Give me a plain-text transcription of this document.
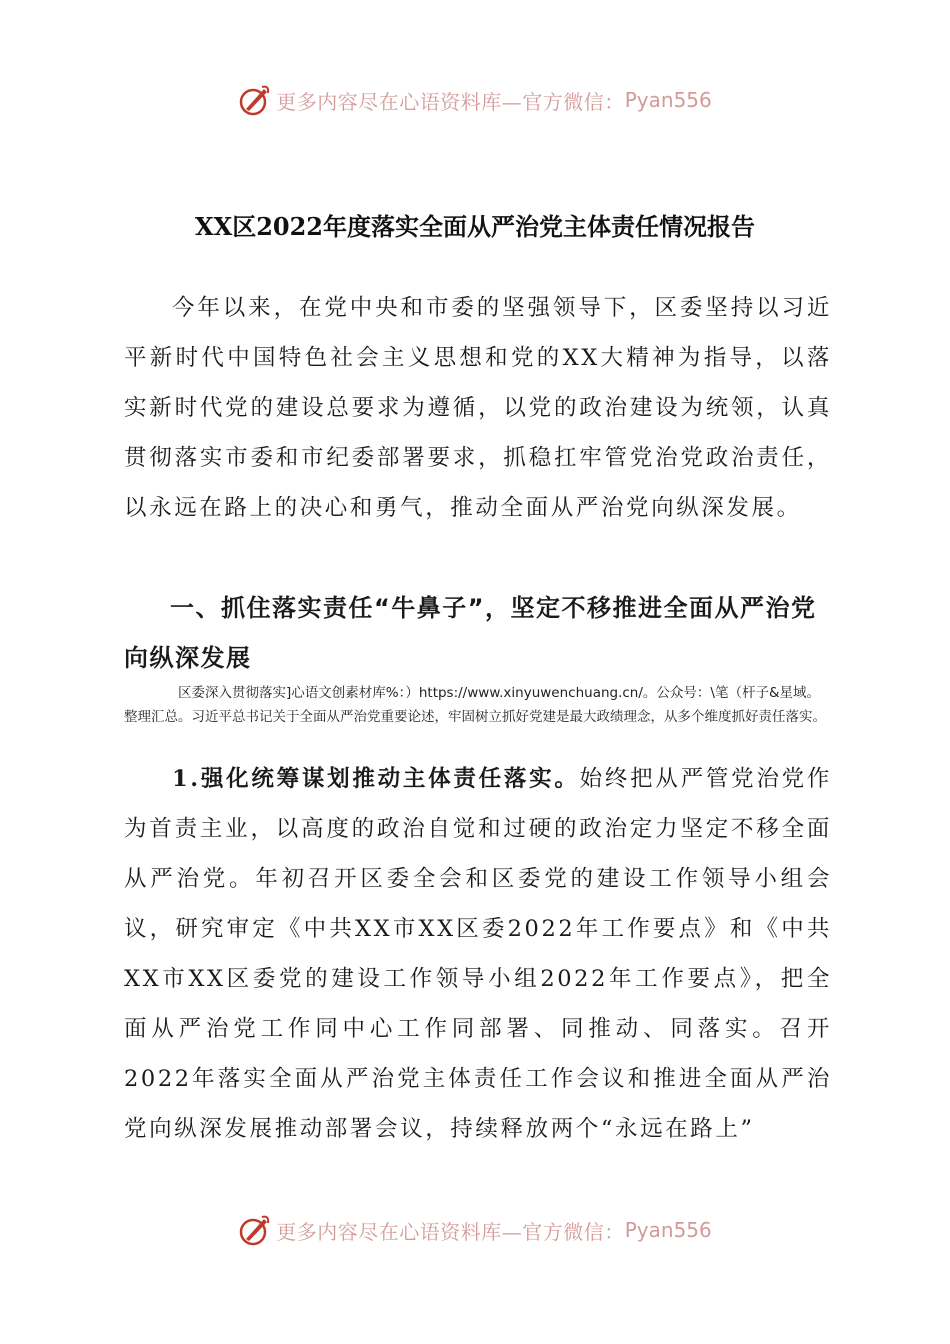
更多内容尽在心语资料库—官方微信： Pyan556
XX区2022年度落实全面从严治党主体责任情况报告

今年以来，在党中央和市委的坚强领导下，区委坚持以习近平新时代中国特色社会主义思想和党的XX大精神为指导，以落实新时代党的建设总要求为遵循，以党的政治建设为统领，认真贯彻落实市委和市纪委部署要求，抓稳扛牢管党治党政治责任，以永远在路上的决心和勇气，推动全面从严治党向纵深发展。

一、抓住落实责任“牛鼻子”，坚定不移推进全面从严治党向纵深发展

区委深入贯彻落实]心语文创素材库%：）https://www.xinyuwenchuang.cn/。公众号：\笔（杆子&星域。整理汇总。习近平总书记关于全面从严治党重要论述，牢固树立抓好党建是最大政绩理念，从多个维度抓好责任落实。

1.强化统筹谋划推动主体责任落实。始终把从严管党治党作为首责主业，以高度的政治自觉和过硬的政治定力坚定不移全面从严治党。年初召开区委全会和区委党的建设工作领导小组会议，研究审定《中共XX市XX区委2022年工作要点》和《中共XX市XX区委党的建设工作领导小组2022年工作要点》，把全面从严治党工作同中心工作同部署、同推动、同落实。召开2022年落实全面从严治党主体责任工作会议和推进全面从严治党向纵深发展推动部署会议，持续释放两个“永远在路上”

更多内容尽在心语资料库—官方微信： Pyan556
